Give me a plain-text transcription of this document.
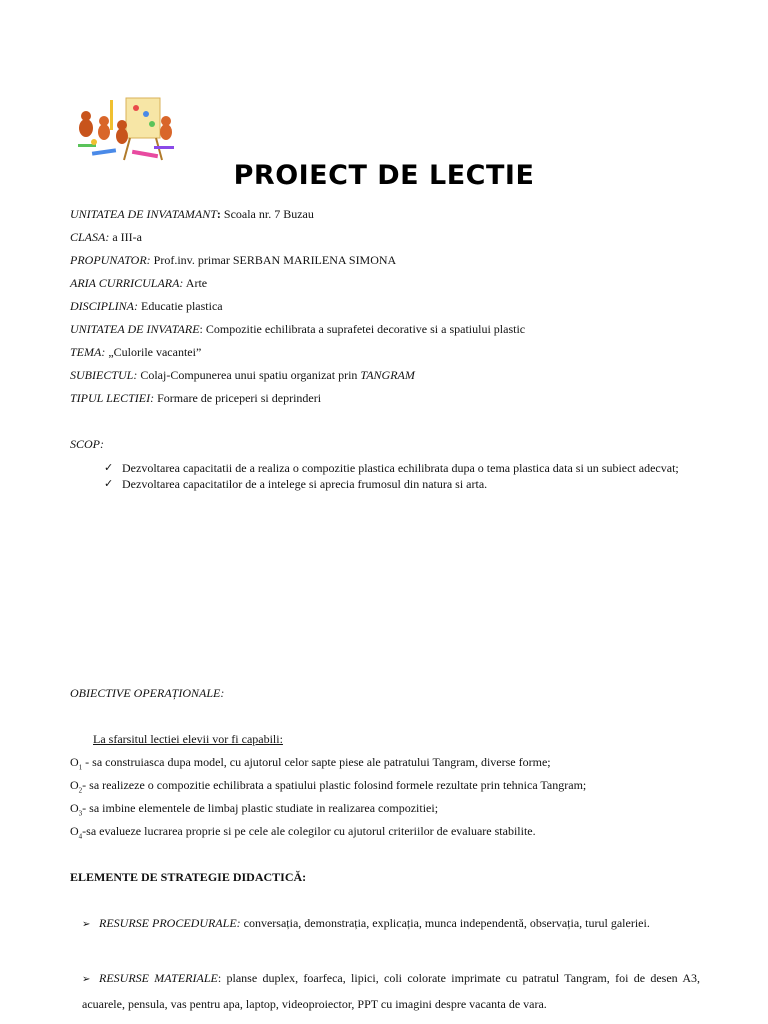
PROIECT DE LECTIE
UNITATEA DE INVATAMANT: Scoala nr. 7 Buzau
CLASA: a III-a
PROPUNATOR: Prof.inv. primar SERBAN MARILENA SIMONA
ARIA CURRICULARA: Arte
DISCIPLINA: Educatie plastica
UNITATEA DE INVATARE: Compozitie echilibrata a suprafetei decorative si a spatiului plastic
TEMA: „Culorile vacantei”
SUBIECTUL: Colaj-Compunerea unui spatiu organizat prin TANGRAM
TIPUL LECTIEI: Formare de priceperi si deprinderi
SCOP:
✓ Dezvoltarea capacitatii de a realiza o compozitie plastica echilibrata dupa o tema plastica data si un subiect adecvat;
✓ Dezvoltarea capacitatilor de a intelege si aprecia frumosul din natura si arta.
OBIECTIVE OPERAȚIONALE:
La sfarsitul lectiei elevii vor fi capabili:
$O_1$ - sa construiasca dupa model, cu ajutorul celor sapte piese ale patratului Tangram, diverse forme;
$O_2-$ sa realizeze o compozitie echilibrata a spatiului plastic folosind formele rezultate prin tehnica Tangram;
$O_3-$ sa imbine elementele de limbaj plastic studiate in realizarea compozitiei;
$O_4-sa$ evalueze lucrarea proprie si pe cele ale colegilor cu ajutorul criteriilor de evaluare stabilite.
ELEMENTE DE STRATEGIE DIDACTICĂ:
➢ RESURSE PROCEDURALE: conversația, demonstrația, explicația, munca independentă, observația, turul galeriei.
➢ RESURSE MATERIALE: planse duplex, foarfeca, lipici, coli colorate imprimate cu patratul Tangram, foi de desen A3, acuarele, pensula, vas pentru apa, laptop, videoproiector, PPT cu imagini despre vacanta de vara.
